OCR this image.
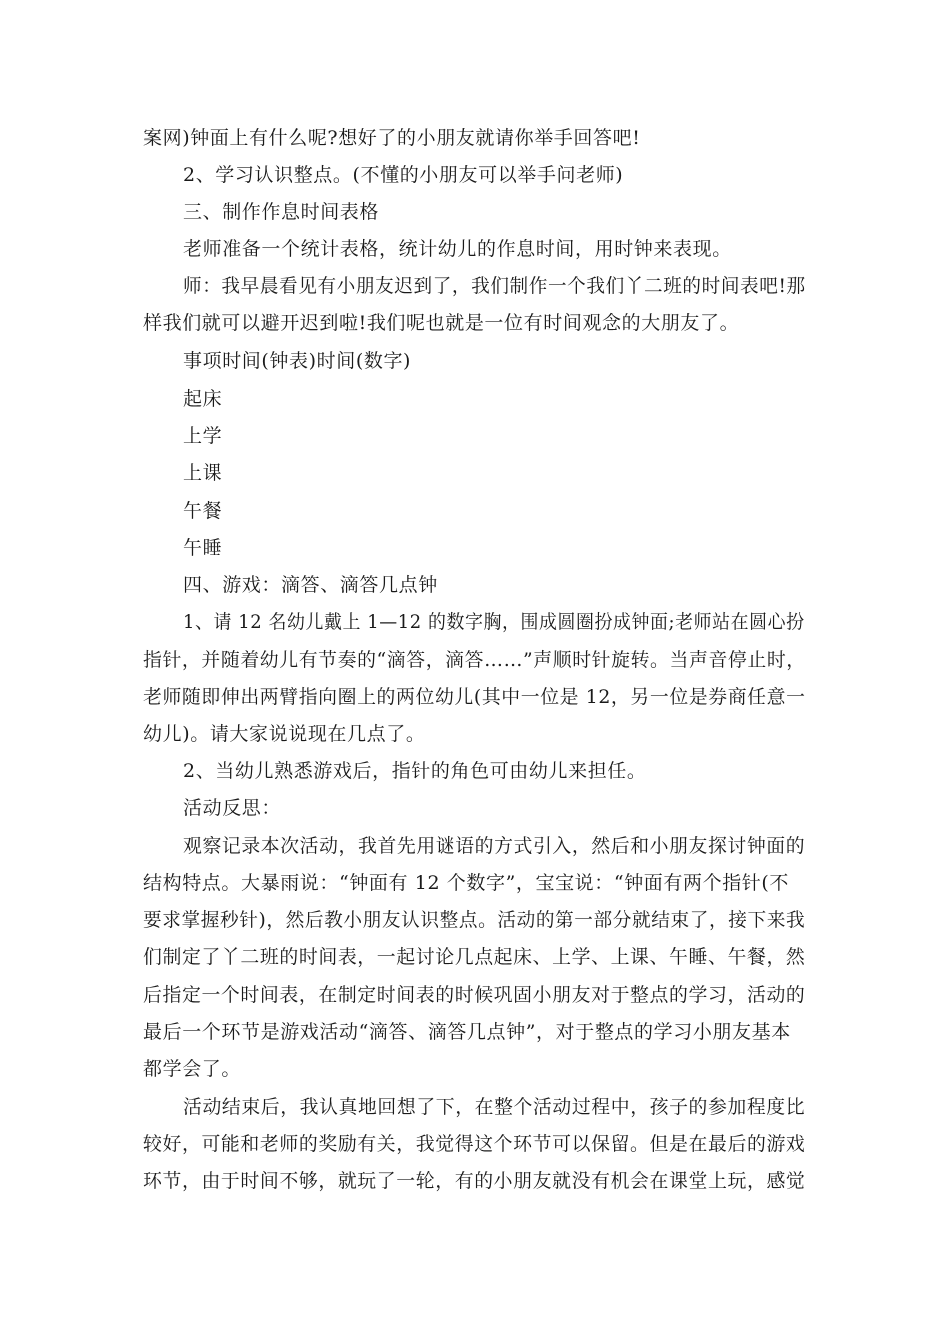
案网)钟面上有什么呢?想好了的小朋友就请你举手回答吧!
2、学习认识整点。(不懂的小朋友可以举手问老师)
三、制作作息时间表格
老师准备一个统计表格，统计幼儿的作息时间，用时钟来表现。
师：我早晨看见有小朋友迟到了，我们制作一个我们丫二班的时间表吧!那
样我们就可以避开迟到啦!我们呢也就是一位有时间观念的大朋友了。
事项时间(钟表)时间(数字)
起床
上学
上课
午餐
午睡
四、游戏：滴答、滴答几点钟
1、请 12 名幼儿戴上 1—12 的数字胸，围成圆圈扮成钟面;老师站在圆心扮
指针，并随着幼儿有节奏的“滴答，滴答……”声顺时针旋转。当声音停止时，
老师随即伸出两臂指向圈上的两位幼儿(其中一位是 12，另一位是券商任意一
幼儿)。请大家说说现在几点了。
2、当幼儿熟悉游戏后，指针的角色可由幼儿来担任。
活动反思：
观察记录本次活动，我首先用谜语的方式引入，然后和小朋友探讨钟面的
结构特点。大暴雨说：“钟面有 12 个数字”，宝宝说：“钟面有两个指针(不
要求掌握秒针)，然后教小朋友认识整点。活动的第一部分就结束了，接下来我
们制定了丫二班的时间表，一起讨论几点起床、上学、上课、午睡、午餐，然
后指定一个时间表，在制定时间表的时候巩固小朋友对于整点的学习，活动的
最后一个环节是游戏活动“滴答、滴答几点钟”，对于整点的学习小朋友基本
都学会了。
活动结束后，我认真地回想了下，在整个活动过程中，孩子的参加程度比
较好，可能和老师的奖励有关，我觉得这个环节可以保留。但是在最后的游戏
环节，由于时间不够，就玩了一轮，有的小朋友就没有机会在课堂上玩，感觉
